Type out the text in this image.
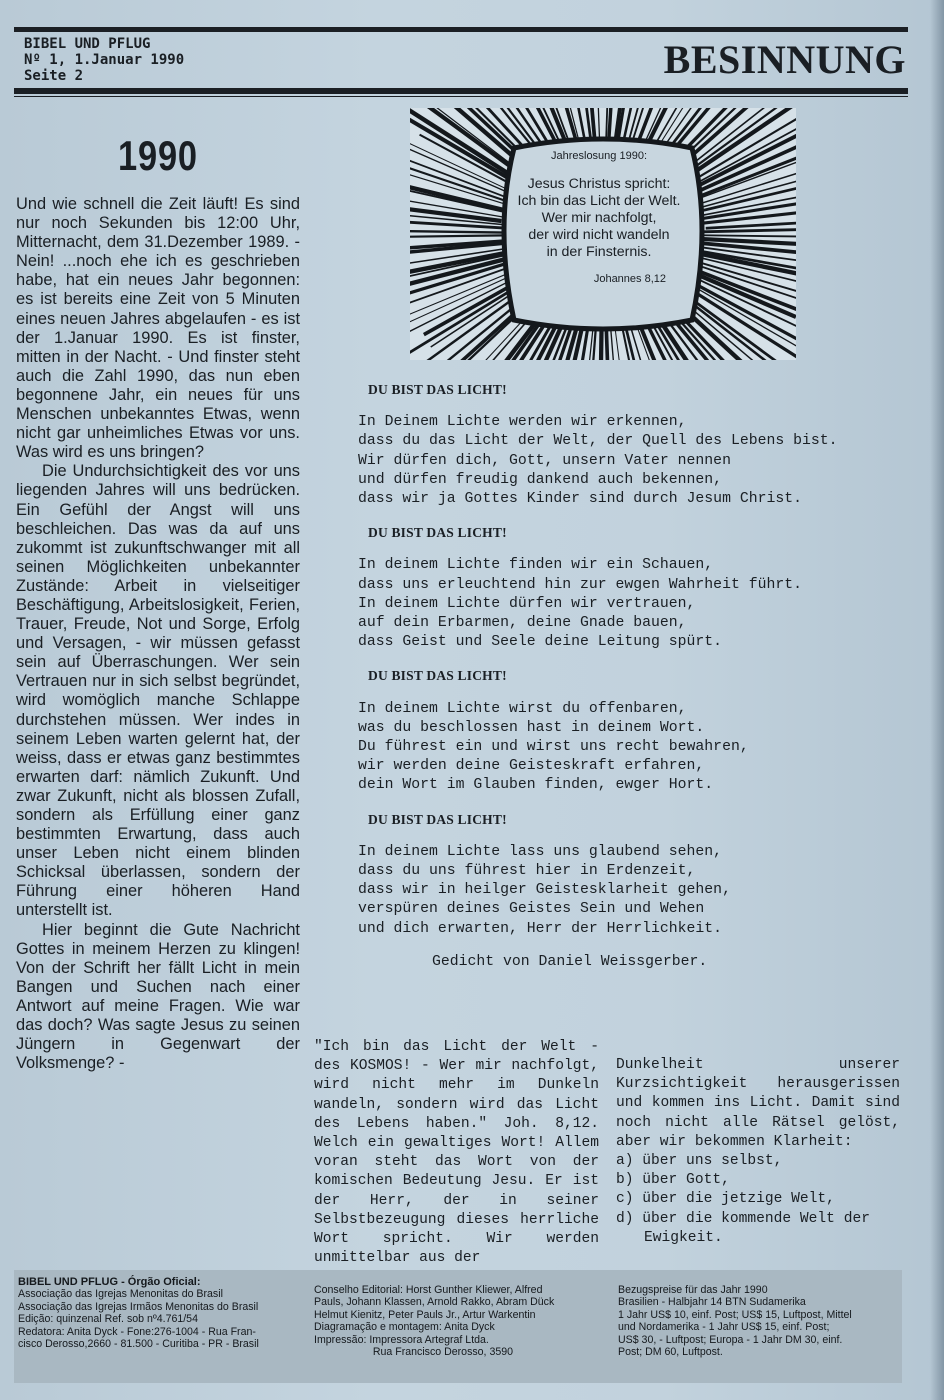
BIBEL UND PFLUG
Nº 1, 1.Januar 1990
Seite 2	BESINNUNG
1990

Und wie schnell die Zeit läuft! Es sind nur noch Sekunden bis 12:00 Uhr, Mitternacht, dem 31.Dezember 1989. - Nein! ...noch ehe ich es geschrieben habe, hat ein neues Jahr begonnen: es ist bereits eine Zeit von 5 Minuten eines neuen Jahres abgelaufen - es ist der 1.Januar 1990. Es ist finster, mitten in der Nacht. - Und finster steht auch die Zahl 1990, das nun eben begonnene Jahr, ein neues für uns Menschen unbekanntes Etwas, wenn nicht gar unheimliches Etwas vor uns. Was wird es uns bringen?

Die Undurchsichtigkeit des vor uns liegenden Jahres will uns bedrücken. Ein Gefühl der Angst will uns beschleichen. Das was da auf uns zukommt ist zukunftschwanger mit all seinen Möglichkeiten unbekannter Zustände: Arbeit in vielseitiger Beschäftigung, Arbeitslosigkeit, Ferien, Trauer, Freude, Not und Sorge, Erfolg und Versagen, - wir müssen gefasst sein auf Überraschungen. Wer sein Vertrauen nur in sich selbst begründet, wird womöglich manche Schlappe durchstehen müssen. Wer indes in seinem Leben warten gelernt hat, der weiss, dass er etwas ganz bestimmtes erwarten darf: nämlich Zukunft. Und zwar Zukunft, nicht als blossen Zufall, sondern als Erfüllung einer ganz bestimmten Erwartung, dass auch unser Leben nicht einem blinden Schicksal überlassen, sondern der Führung einer höheren Hand unterstellt ist.

Hier beginnt die Gute Nachricht Gottes in meinem Herzen zu klingen! Von der Schrift her fällt Licht in mein Bangen und Suchen nach einer Antwort auf meine Fragen. Wie war das doch? Was sagte Jesus zu seinen Jüngern in Gegenwart der Volksmenge? -

Jahreslosung 1990:
Jesus Christus spricht:
Ich bin das Licht der Welt.
Wer mir nachfolgt,
der wird nicht wandeln
in der Finsternis.
Johannes 8,12
DU BIST DAS LICHT!
In Deinem Lichte werden wir erkennen,
dass du das Licht der Welt, der Quell des Lebens bist.
Wir dürfen dich, Gott, unsern Vater nennen
und dürfen freudig dankend auch bekennen,
dass wir ja Gottes Kinder sind durch Jesum Christ.
DU BIST DAS LICHT!
In deinem Lichte finden wir ein Schauen,
dass uns erleuchtend hin zur ewgen Wahrheit führt.
In deinem Lichte dürfen wir vertrauen,
auf dein Erbarmen, deine Gnade bauen,
dass Geist und Seele deine Leitung spürt.
DU BIST DAS LICHT!
In deinem Lichte wirst du offenbaren,
was du beschlossen hast in deinem Wort.
Du führest ein und wirst uns recht bewahren,
wir werden deine Geisteskraft erfahren,
dein Wort im Glauben finden, ewger Hort.
DU BIST DAS LICHT!
In deinem Lichte lass uns glaubend sehen,
dass du uns führest hier in Erdenzeit,
dass wir in heilger Geistesklarheit gehen,
verspüren deines Geistes Sein und Wehen
und dich erwarten, Herr der Herrlichkeit.
Gedicht von Daniel Weissgerber.
"Ich bin das Licht der Welt - des KOSMOS! - Wer mir nachfolgt, wird nicht mehr im Dunkeln wandeln, sondern wird das Licht des Lebens haben." Joh. 8,12. Welch ein gewaltiges Wort! Allem voran steht das Wort von der komischen Bedeutung Jesu. Er ist der Herr, der in seiner Selbstbezeugung dieses herrliche Wort spricht. Wir werden unmittelbar aus der

Dunkelheit unserer Kurzsichtigkeit herausgerissen und kommen ins Licht. Damit sind noch nicht alle Rätsel gelöst, aber wir bekommen Klarheit:

a) über uns selbst,
b) über Gott,
c) über die jetzige Welt,
d) über die kommende Welt der Ewigkeit.
BIBEL UND PFLUG - Órgão Oficial:
Associação das Igrejas Menonitas do Brasil
Associação das Igrejas Irmãos Menonitas do Brasil
Edição: quinzenal Ref. sob nº4.761/54
Redatora: Anita Dyck - Fone:276-1004 - Rua Fran-
cisco Derosso,2660 - 81.500 - Curitiba - PR - Brasil
Conselho Editorial: Horst Gunther Kliewer, Alfred
Pauls, Johann Klassen, Arnold Rakko, Abram Dück
Helmut Kienitz, Peter Pauls Jr., Artur Warkentin
Diagramação e montagem: Anita Dyck
Impressão: Impressora Artegraf Ltda.
Rua Francisco Derosso, 3590
Bezugspreise für das Jahr 1990
Brasilien - Halbjahr 14 BTN Sudamerika
1 Jahr US$ 10, einf. Post; US$ 15, Luftpost, Mittel
und Nordamerika - 1 Jahr US$ 15, einf. Post;
US$ 30, - Luftpost; Europa - 1 Jahr DM 30, einf.
Post; DM 60, Luftpost.
